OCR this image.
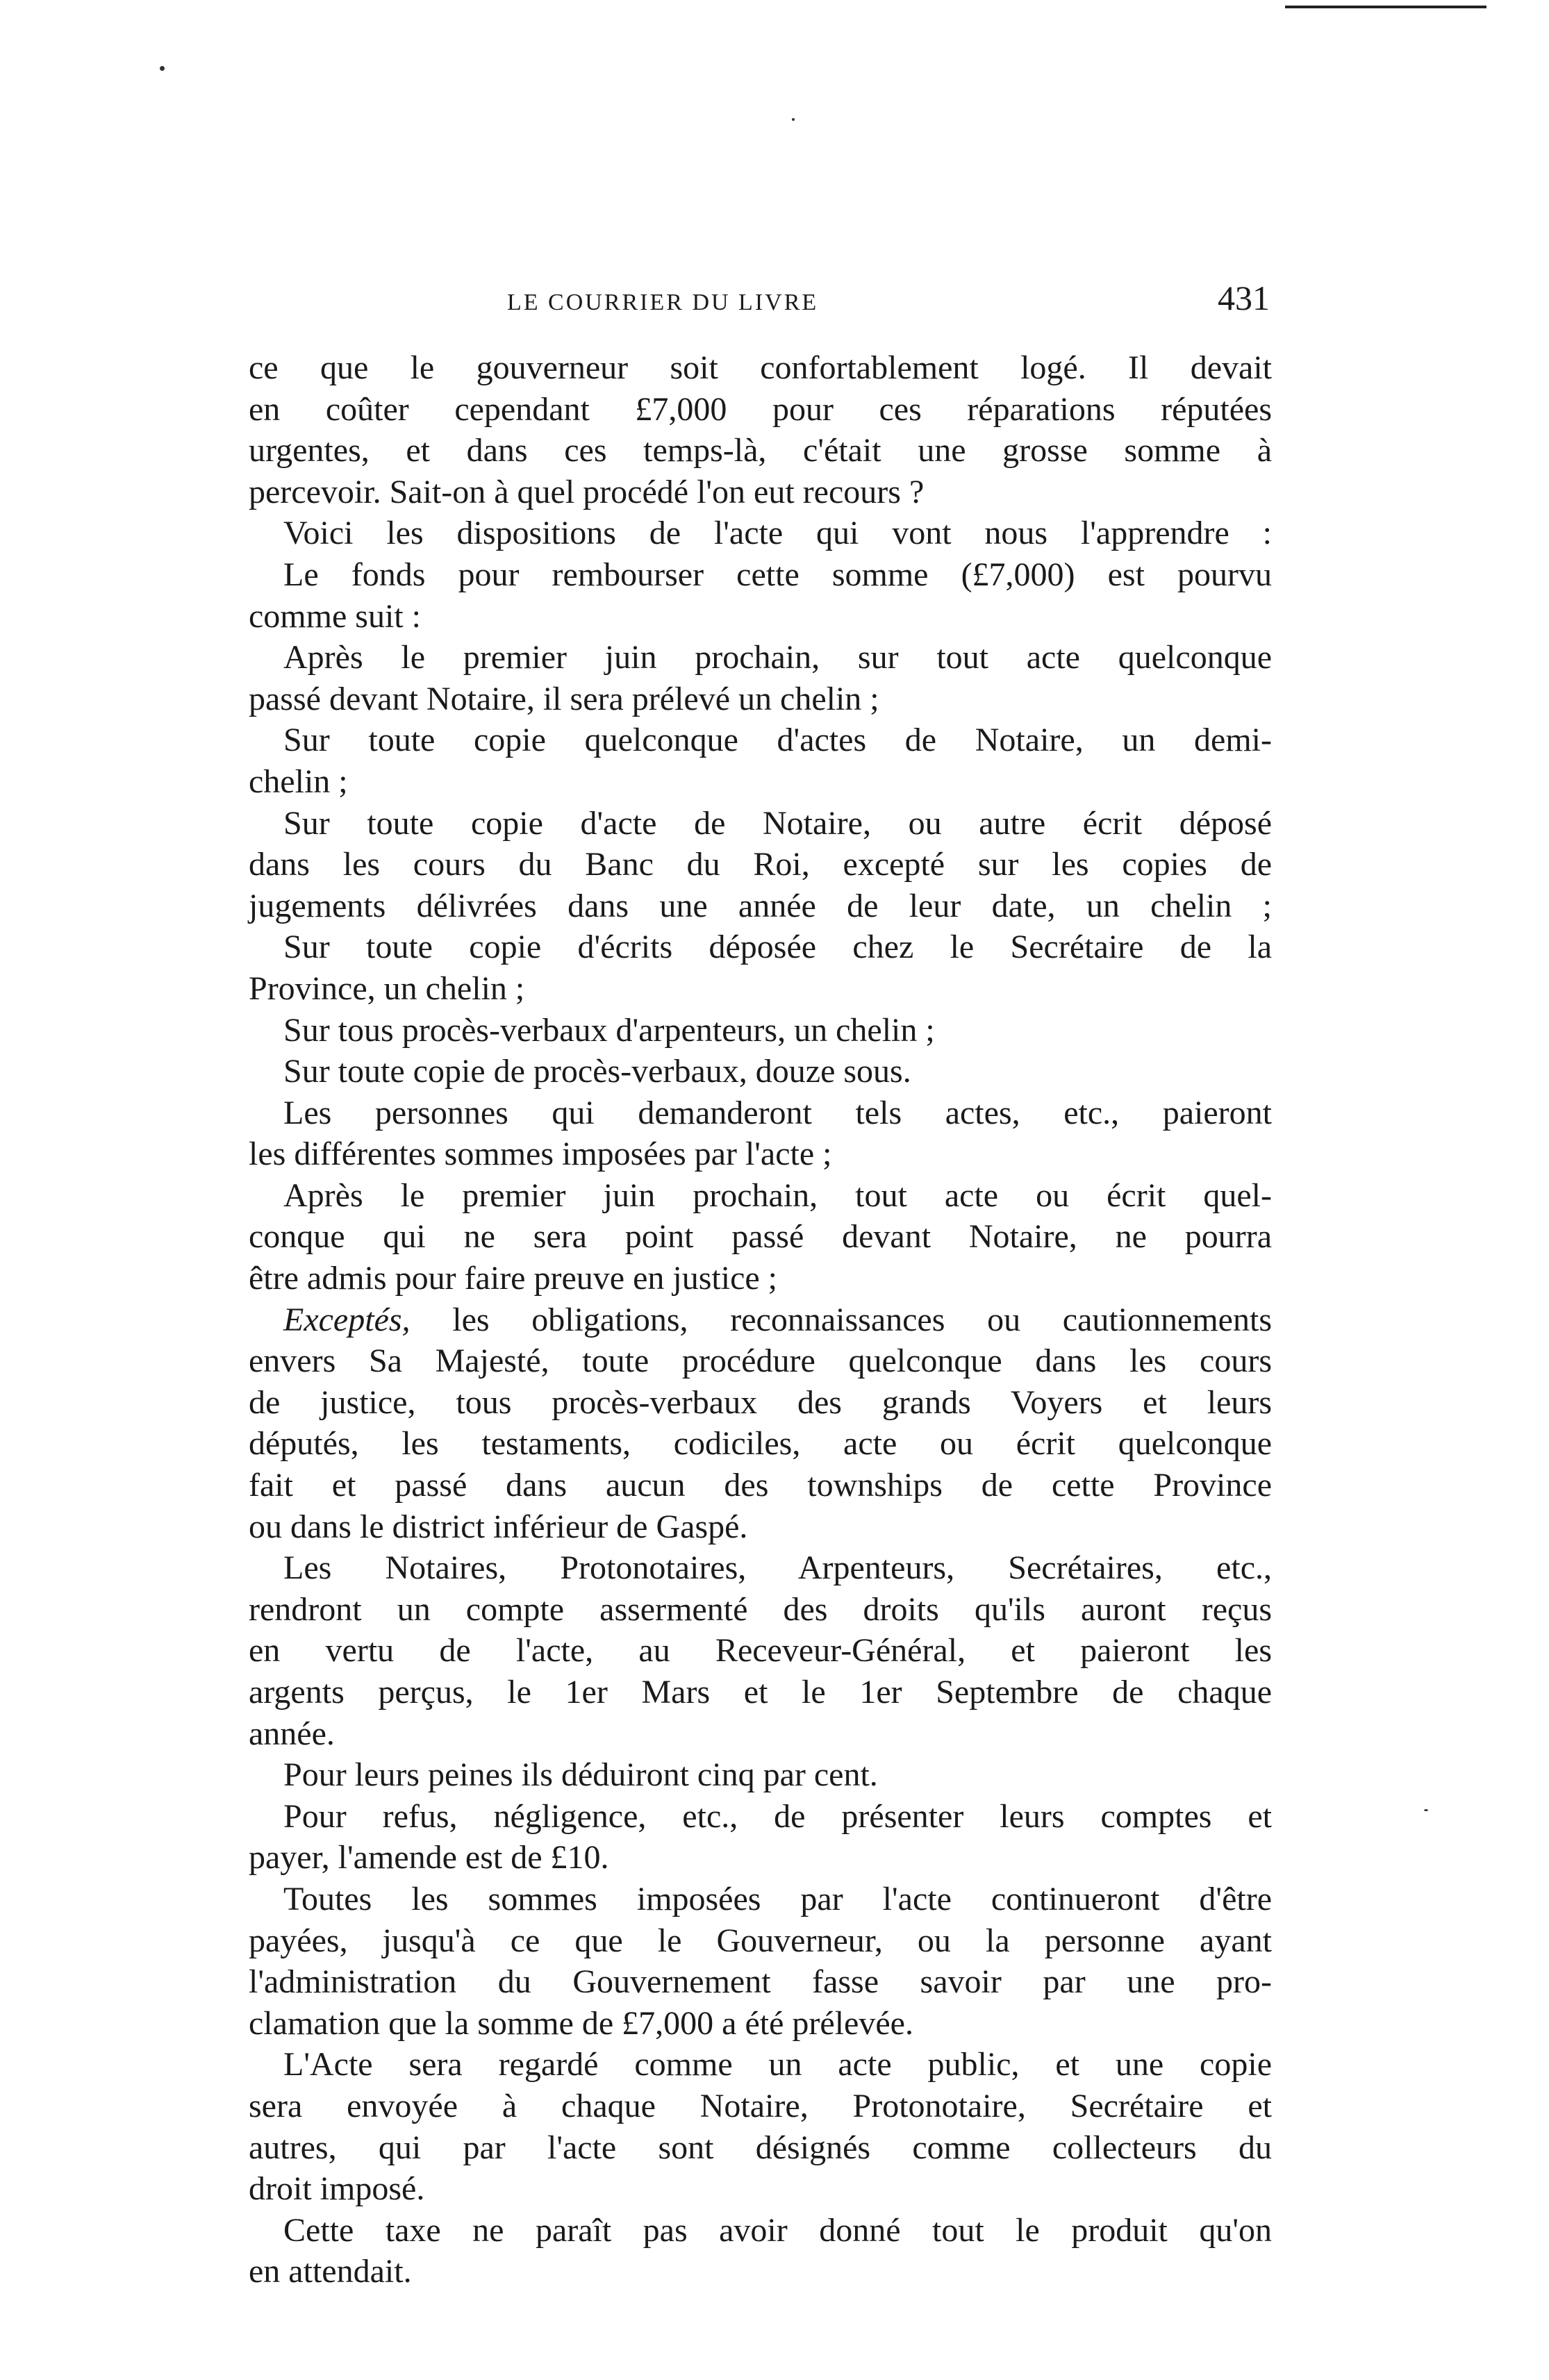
LE COURRIER DU LIVRE	431
ce que le gouverneur soit confortablement logé. Il devait
en coûter cependant £7,000 pour ces réparations réputées
urgentes, et dans ces temps-là, c'était une grosse somme à
percevoir. Sait-on à quel procédé l'on eut recours ?
Voici les dispositions de l'acte qui vont nous l'apprendre :
Le fonds pour rembourser cette somme (£7,000) est pourvu
comme suit :
Après le premier juin prochain, sur tout acte quelconque
passé devant Notaire, il sera prélevé un chelin ;
Sur toute copie quelconque d'actes de Notaire, un demi-
chelin ;
Sur toute copie d'acte de Notaire, ou autre écrit déposé
dans les cours du Banc du Roi, excepté sur les copies de
jugements délivrées dans une année de leur date, un chelin ;
Sur toute copie d'écrits déposée chez le Secrétaire de la
Province, un chelin ;
Sur tous procès-verbaux d'arpenteurs, un chelin ;
Sur toute copie de procès-verbaux, douze sous.
Les personnes qui demanderont tels actes, etc., paieront
les différentes sommes imposées par l'acte ;
Après le premier juin prochain, tout acte ou écrit quel-
conque qui ne sera point passé devant Notaire, ne pourra
être admis pour faire preuve en justice ;
Exceptés, les obligations, reconnaissances ou cautionnements
envers Sa Majesté, toute procédure quelconque dans les cours
de justice, tous procès-verbaux des grands Voyers et leurs
députés, les testaments, codiciles, acte ou écrit quelconque
fait et passé dans aucun des townships de cette Province
ou dans le district inférieur de Gaspé.
Les Notaires, Protonotaires, Arpenteurs, Secrétaires, etc.,
rendront un compte assermenté des droits qu'ils auront reçus
en vertu de l'acte, au Receveur-Général, et paieront les
argents perçus, le 1er Mars et le 1er Septembre de chaque
année.
Pour leurs peines ils déduiront cinq par cent.
Pour refus, négligence, etc., de présenter leurs comptes et
payer, l'amende est de £10.
Toutes les sommes imposées par l'acte continueront d'être
payées, jusqu'à ce que le Gouverneur, ou la personne ayant
l'administration du Gouvernement fasse savoir par une pro-
clamation que la somme de £7,000 a été prélevée.
L'Acte sera regardé comme un acte public, et une copie
sera envoyée à chaque Notaire, Protonotaire, Secrétaire et
autres, qui par l'acte sont désignés comme collecteurs du
droit imposé.
Cette taxe ne paraît pas avoir donné tout le produit qu'on
en attendait.
